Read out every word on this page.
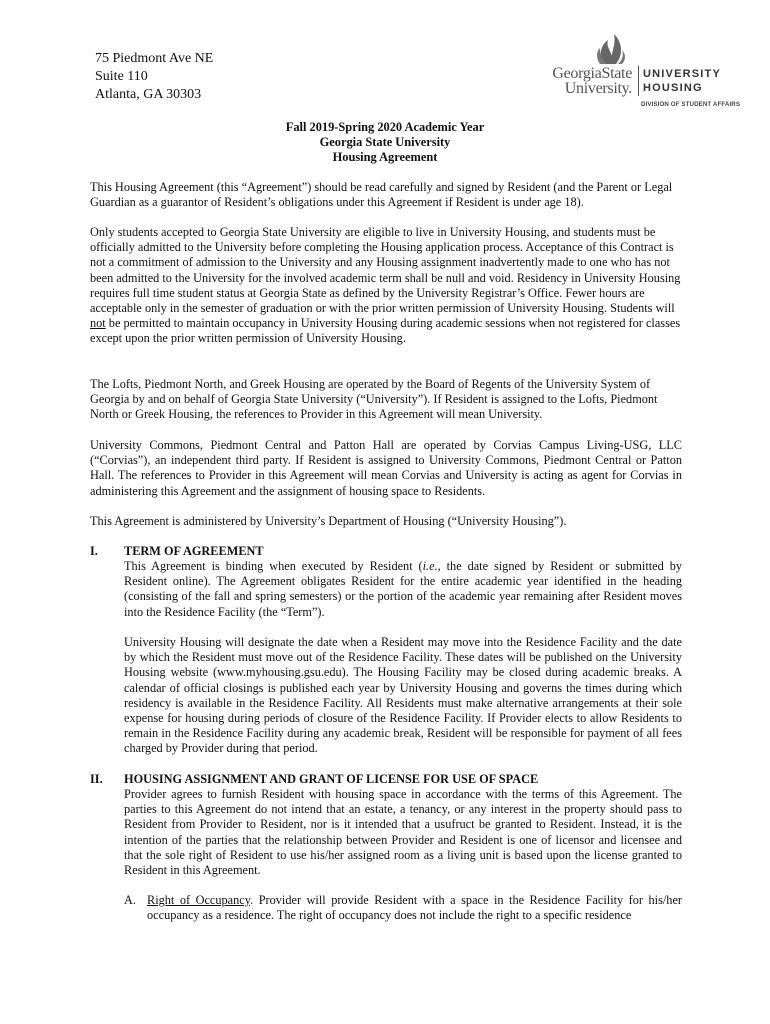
75 Piedmont Ave NE
Suite 110
Atlanta, GA 30303
GeorgiaState
University.
UNIVERSITY
HOUSING
DIVISION OF STUDENT AFFAIRS
Fall 2019-Spring 2020 Academic Year
Georgia State University
Housing Agreement

This Housing Agreement (this “Agreement”) should be read carefully and signed by Resident (and the Parent or Legal Guardian as a guarantor of Resident’s obligations under this Agreement if Resident is under age 18).

Only students accepted to Georgia State University are eligible to live in University Housing, and students must be officially admitted to the University before completing the Housing application process. Acceptance of this Contract is not a commitment of admission to the University and any Housing assignment inadvertently made to one who has not been admitted to the University for the involved academic term shall be null and void. Residency in University Housing requires full time student status at Georgia State as defined by the University Registrar’s Office. Fewer hours are acceptable only in the semester of graduation or with the prior written permission of University Housing. Students will not be permitted to maintain occupancy in University Housing during academic sessions when not registered for classes except upon the prior written permission of University Housing.

The Lofts, Piedmont North, and Greek Housing are operated by the Board of Regents of the University System of Georgia by and on behalf of Georgia State University (“University”). If Resident is assigned to the Lofts, Piedmont North or Greek Housing, the references to Provider in this Agreement will mean University.

University Commons, Piedmont Central and Patton Hall are operated by Corvias Campus Living-USG, LLC (“Corvias”), an independent third party. If Resident is assigned to University Commons, Piedmont Central or Patton Hall. The references to Provider in this Agreement will mean Corvias and University is acting as agent for Corvias in administering this Agreement and the assignment of housing space to Residents.

This Agreement is administered by University’s Department of Housing (“University Housing”).

I. TERM OF AGREEMENT

This Agreement is binding when executed by Resident (i.e., the date signed by Resident or submitted by Resident online). The Agreement obligates Resident for the entire academic year identified in the heading (consisting of the fall and spring semesters) or the portion of the academic year remaining after Resident moves into the Residence Facility (the “Term”).

University Housing will designate the date when a Resident may move into the Residence Facility and the date by which the Resident must move out of the Residence Facility. These dates will be published on the University Housing website (www.myhousing.gsu.edu). The Housing Facility may be closed during academic breaks. A calendar of official closings is published each year by University Housing and governs the times during which residency is available in the Residence Facility. All Residents must make alternative arrangements at their sole expense for housing during periods of closure of the Residence Facility. If Provider elects to allow Residents to remain in the Residence Facility during any academic break, Resident will be responsible for payment of all fees charged by Provider during that period.

II. HOUSING ASSIGNMENT AND GRANT OF LICENSE FOR USE OF SPACE

Provider agrees to furnish Resident with housing space in accordance with the terms of this Agreement. The parties to this Agreement do not intend that an estate, a tenancy, or any interest in the property should pass to Resident from Provider to Resident, nor is it intended that a usufruct be granted to Resident. Instead, it is the intention of the parties that the relationship between Provider and Resident is one of licensor and licensee and that the sole right of Resident to use his/her assigned room as a living unit is based upon the license granted to Resident in this Agreement.

A. Right of Occupancy. Provider will provide Resident with a space in the Residence Facility for his/her occupancy as a residence. The right of occupancy does not include the right to a specific residence
